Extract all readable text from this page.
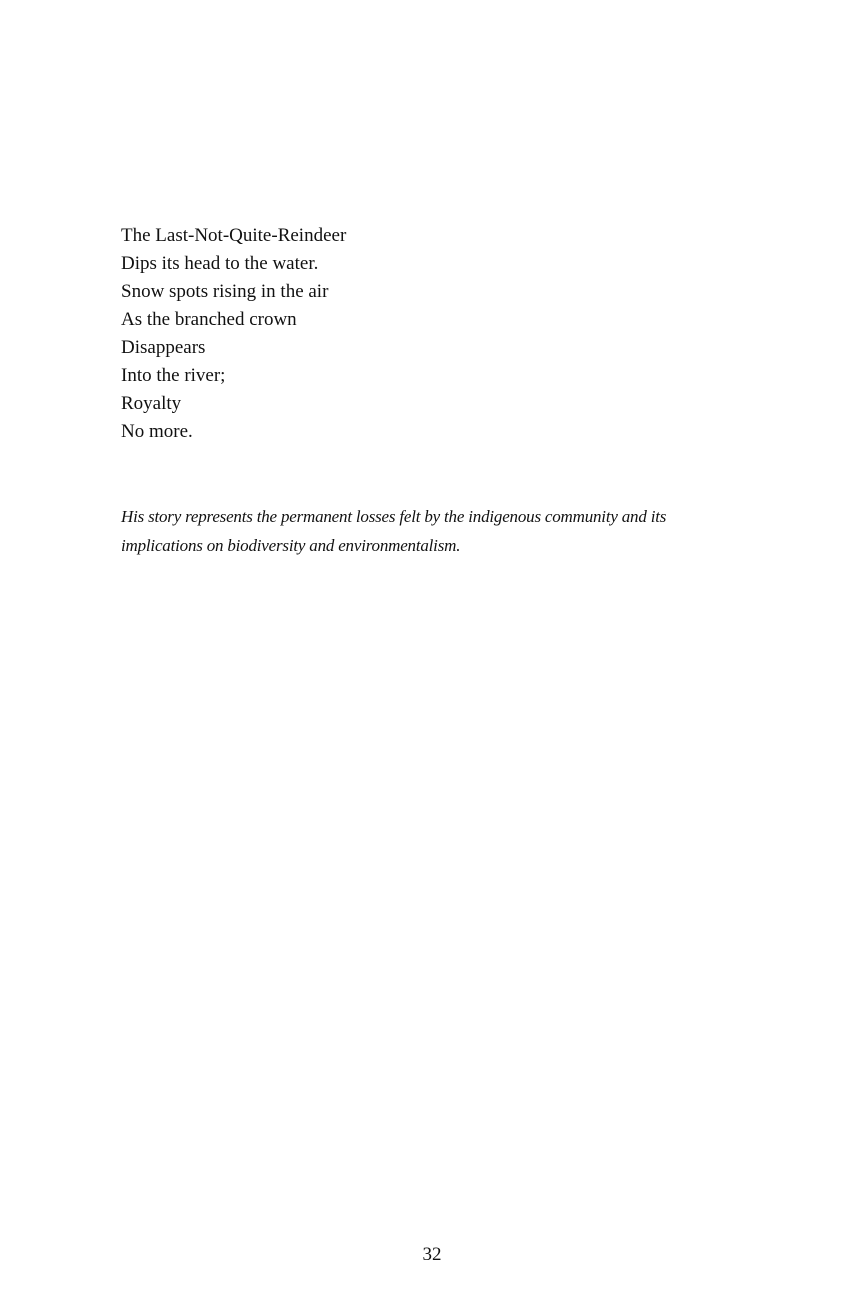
The Last-Not-Quite-Reindeer
Dips its head to the water.
Snow spots rising in the air
As the branched crown
Disappears
Into the river;
Royalty
No more.
His story represents the permanent losses felt by the indigenous community and its
implications on biodiversity and environmentalism.
32
